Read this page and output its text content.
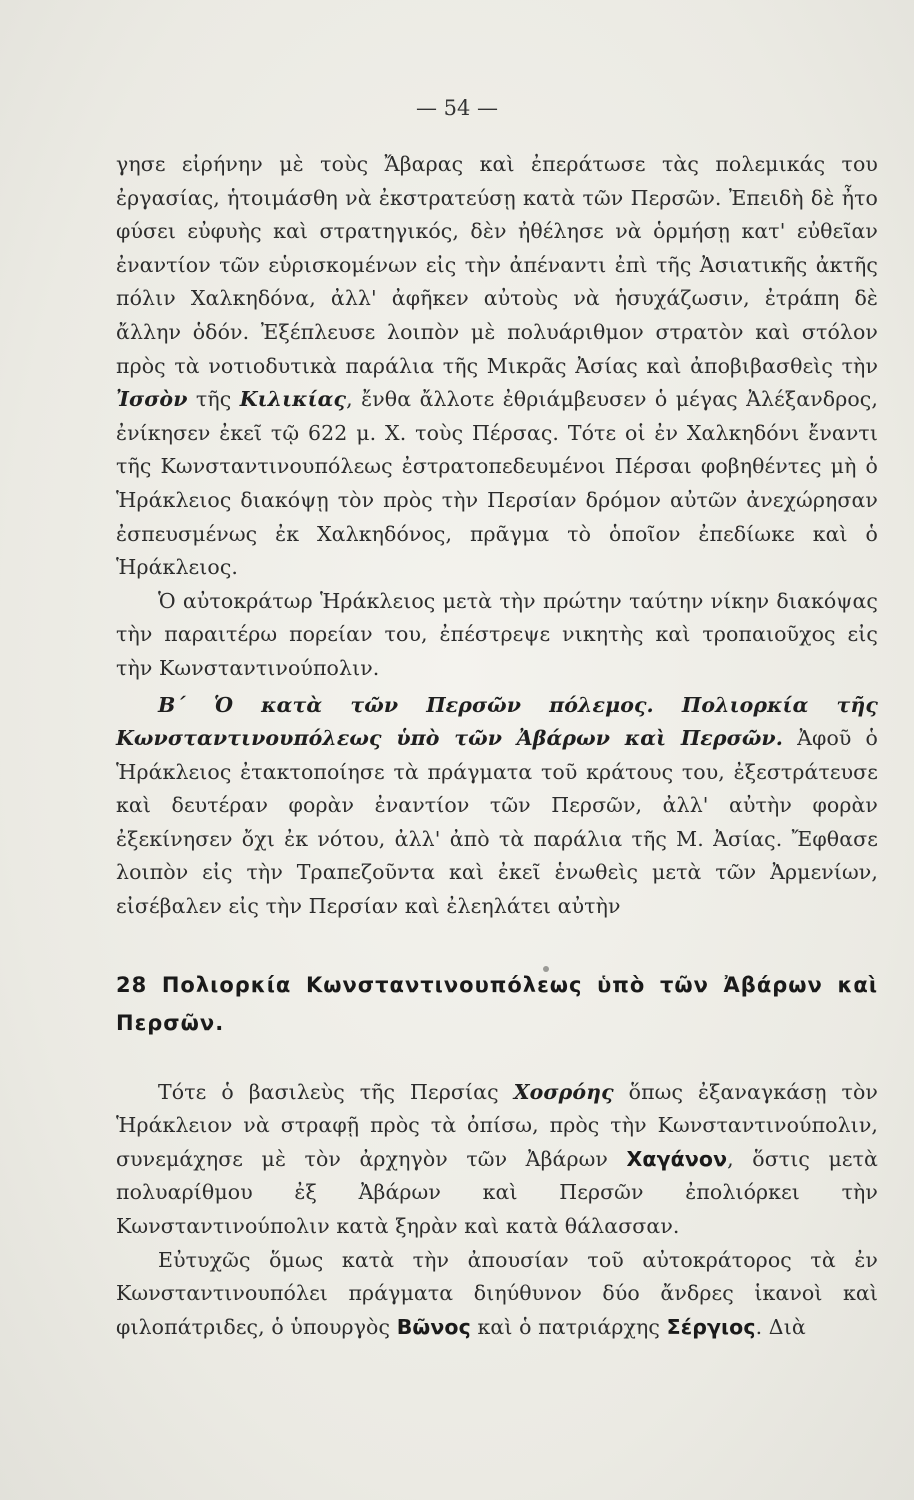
— 54 —

γησε εἰρήνην μὲ τοὺς Ἄβαρας καὶ ἐπεράτωσε τὰς πολεμικάς του ἐργασίας, ἡτοιμάσθη νὰ ἐκστρατεύσῃ κατὰ τῶν Περσῶν. Ἐπειδὴ δὲ ἦτο φύσει εὐφυὴς καὶ στρατηγικός, δὲν ἠθέλησε νὰ ὁρμήσῃ κατ' εὐθεῖαν ἐναντίον τῶν εὑρισκομένων εἰς τὴν ἀπέναντι ἐπὶ τῆς Ἀσιατικῆς ἀκτῆς πόλιν Χαλκηδόνα, ἀλλ' ἀφῆκεν αὐτοὺς νὰ ἡσυχάζωσιν, ἐτράπη δὲ ἄλλην ὁδόν. Ἐξέπλευσε λοιπὸν μὲ πολυάριθμον στρατὸν καὶ στόλον πρὸς τὰ νοτιοδυτικὰ παράλια τῆς Μικρᾶς Ἀσίας καὶ ἀποβιβασθεὶς τὴν Ἰσσὸν τῆς Κιλικίας, ἔνθα ἄλλοτε ἐθριάμβευσεν ὁ μέγας Ἀλέξανδρος, ἐνίκησεν ἐκεῖ τῷ 622 μ. Χ. τοὺς Πέρσας. Τότε οἱ ἐν Χαλκηδόνι ἔναντι τῆς Κωνσταντινουπόλεως ἐστρατοπεδευμένοι Πέρσαι φοβηθέντες μὴ ὁ Ἡράκλειος διακόψῃ τὸν πρὸς τὴν Περσίαν δρόμον αὐτῶν ἀνεχώρησαν ἐσπευσμένως ἐκ Χαλκηδόνος, πρᾶγμα τὸ ὁποῖον ἐπεδίωκε καὶ ὁ Ἡράκλειος.

Ὁ αὐτοκράτωρ Ἡράκλειος μετὰ τὴν πρώτην ταύτην νίκην διακόψας τὴν παραιτέρω πορείαν του, ἐπέστρεψε νικητὴς καὶ τροπαιοῦχος εἰς τὴν Κωνσταντινούπολιν.

Β΄ Ὁ κατὰ τῶν Περσῶν πόλεμος. Πολιορκία τῆς Κωνσταντινουπόλεως ὑπὸ τῶν Ἀβάρων καὶ Περσῶν. Ἀφοῦ ὁ Ἡράκλειος ἐτακτοποίησε τὰ πράγματα τοῦ κράτους του, ἐξεστράτευσε καὶ δευτέραν φορὰν ἐναντίον τῶν Περσῶν, ἀλλ' αὐτὴν φορὰν ἐξεκίνησεν ὄχι ἐκ νότου, ἀλλ' ἀπὸ τὰ παράλια τῆς Μ. Ἀσίας. Ἔφθασε λοιπὸν εἰς τὴν Τραπεζοῦντα καὶ ἐκεῖ ἑνωθεὶς μετὰ τῶν Ἀρμενίων, εἰσέβαλεν εἰς τὴν Περσίαν καὶ ἐλεηλάτει αὐτὴν

28 Πολιορκία Κωνσταντινουπόλεως ὑπὸ τῶν Ἀβάρων καὶ Περσῶν.

Τότε ὁ βασιλεὺς τῆς Περσίας Χοσρόης ὅπως ἐξαναγκάσῃ τὸν Ἡράκλειον νὰ στραφῇ πρὸς τὰ ὀπίσω, πρὸς τὴν Κωνσταντινούπολιν, συνεμάχησε μὲ τὸν ἀρχηγὸν τῶν Ἀβάρων Χαγάνον, ὅστις μετὰ πολυαρίθμου ἐξ Ἀβάρων καὶ Περσῶν ἐπολιόρκει τὴν Κωνσταντινούπολιν κατὰ ξηρὰν καὶ κατὰ θάλασσαν.

Εὐτυχῶς ὅμως κατὰ τὴν ἀπουσίαν τοῦ αὐτοκράτορος τὰ ἐν Κωνσταντινουπόλει πράγματα διηύθυνον δύο ἄνδρες ἱκανοὶ καὶ φιλοπάτριδες, ὁ ὑπουργὸς Βῶνος καὶ ὁ πατριάρχης Σέργιος. Διὰ
